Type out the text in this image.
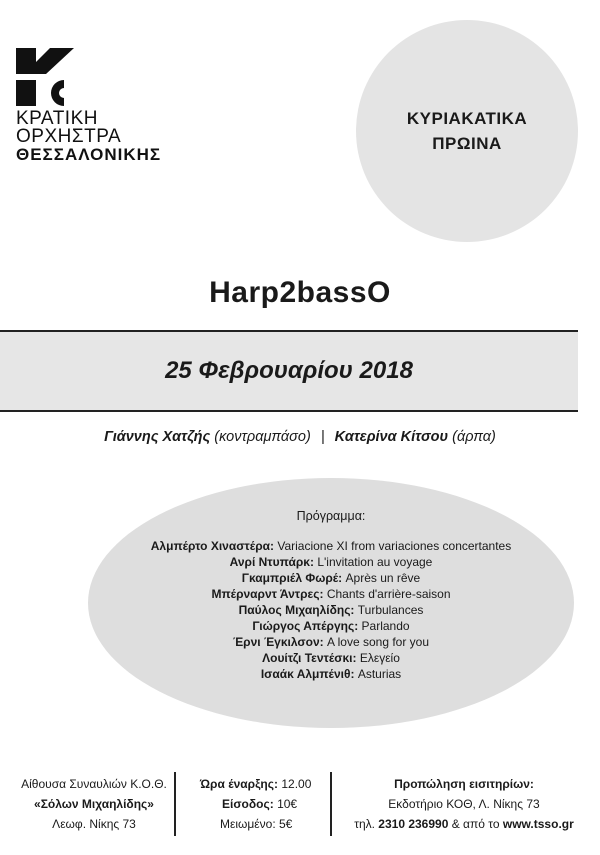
ΚΡΑΤΙΚΗ
ΟΡΧΗΣΤΡΑ
ΘΕΣΣΑΛΟΝΙΚΗΣ
ΚΥΡΙΑΚΑΤΙΚΑ
ΠΡΩΙΝΑ
Harp2bassO
25 Φεβρουαρίου 2018
Γιάννης Χατζής (κοντραμπάσο) | Κατερίνα Κίτσου (άρπα)
Πρόγραμμα:
Αλμπέρτο Χιναστέρα: Variacione XI from variaciones concertantes
Ανρί Ντυπάρκ: L'invitation au voyage
Γκαμπριέλ Φωρέ: Après un rêve
Μπέρναρντ Άντρες: Chants d'arrière-saison
Παύλος Μιχαηλίδης: Turbulances
Γιώργος Απέργης: Parlando
Έρνι Έγκιλσον: A love song for you
Λουίτζι Τεντέσκι: Ελεγείο
Ισαάκ Αλμπένιθ: Asturias
Αίθουσα Συναυλιών Κ.Ο.Θ.
«Σόλων Μιχαηλίδης»
Λεωφ. Νίκης 73
Ώρα έναρξης: 12.00
Είσοδος: 10€
Μειωμένο: 5€
Προπώληση εισιτηρίων:
Εκδοτήριο ΚΟΘ, Λ. Νίκης 73
τηλ. 2310 236990 & από το www.tsso.gr
